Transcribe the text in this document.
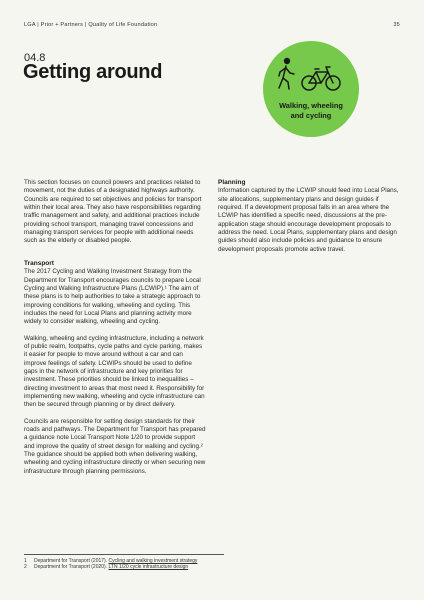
LGA | Prior + Partners | Quality of Life Foundation	35
04.8
Getting around
Walking, wheeling
and cycling

This section focuses on council powers and practices related to movement, not the duties of a designated highways authority. Councils are required to set objectives and policies for transport within their local area. They also have responsibilities regarding traffic management and safety, and additional practices include providing school transport, managing travel concessions and managing transport services for people with additional needs such as the elderly or disabled people.

Transport

The 2017 Cycling and Walking Investment Strategy from the Department for Transport encourages councils to prepare Local Cycling and Walking Infrastructure Plans (LCWIP).¹ The aim of these plans is to help authorities to take a strategic approach to improving conditions for walking, wheeling and cycling. This includes the need for Local Plans and planning activity more widely to consider walking, wheeling and cycling.

Walking, wheeling and cycling infrastructure, including a network of public realm, footpaths, cycle paths and cycle parking, makes it easier for people to move around without a car and can improve feelings of safety. LCWIPs should be used to define gaps in the network of infrastructure and key priorities for investment. These priorities should be linked to inequalities – directing investment to areas that most need it. Responsibility for implementing new walking, wheeling and cycle infrastructure can then be secured through planning or by direct delivery.

Councils are responsible for setting design standards for their roads and pathways. The Department for Transport has prepared a guidance note Local Transport Note 1/20 to provide support and improve the quality of street design for walking and cycling.² The guidance should be applied both when delivering walking, wheeling and cycling infrastructure directly or when securing new infrastructure through planning permissions.

Planning

Information captured by the LCWIP should feed into Local Plans, site allocations, supplementary plans and design guides if required. If a development proposal falls in an area where the LCWIP has identified a specific need, discussions at the pre-application stage should encourage development proposals to address the need. Local Plans, supplementary plans and design guides should also include policies and guidance to ensure development proposals promote active travel.

1	Department for Transport (2017). Cycling and walking investment strategy
2	Department for Transport (2020). LTN 1/20 cycle infrastructure design
